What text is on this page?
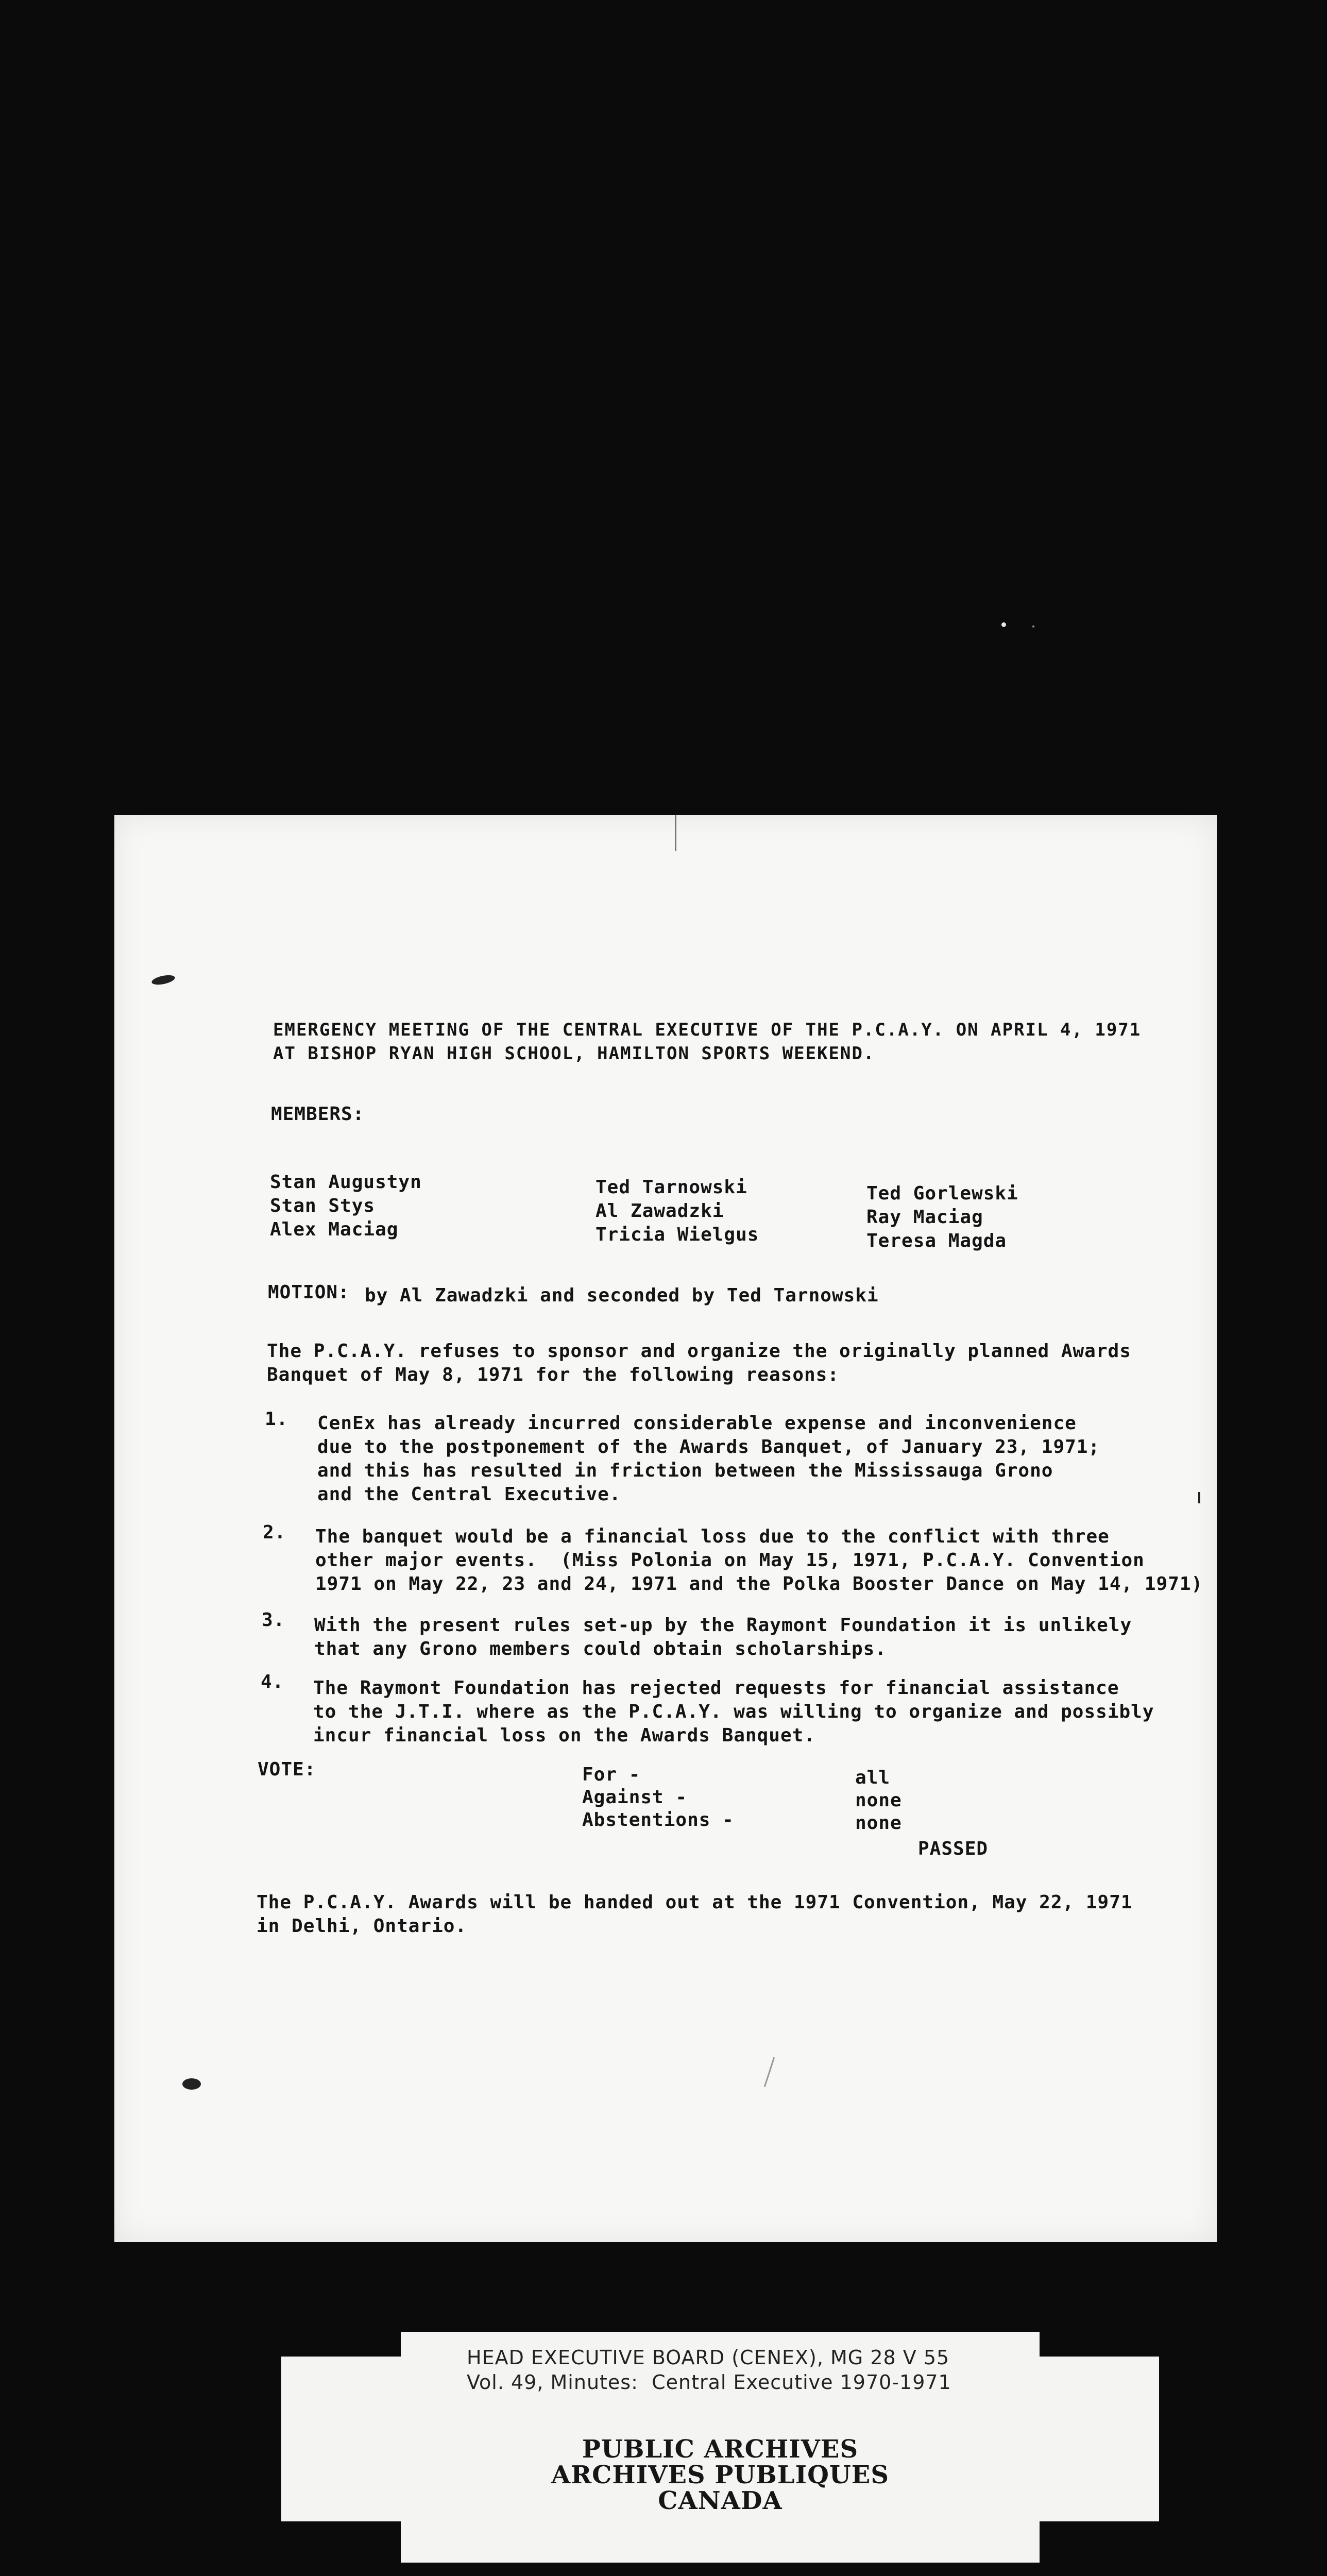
EMERGENCY MEETING OF THE CENTRAL EXECUTIVE OF THE P.C.A.Y. ON APRIL 4, 1971
AT BISHOP RYAN HIGH SCHOOL, HAMILTON SPORTS WEEKEND.
MEMBERS:
Stan Augustyn
Stan Stys
Alex Maciag
Ted Tarnowski
Al Zawadzki
Tricia Wielgus
Ted Gorlewski
Ray Maciag
Teresa Magda
MOTION: by Al Zawadzki and seconded by Ted Tarnowski
The P.C.A.Y. refuses to sponsor and organize the originally planned Awards
Banquet of May 8, 1971 for the following reasons:
1. CenEx has already incurred considerable expense and inconvenience
due to the postponement of the Awards Banquet, of January 23, 1971;
and this has resulted in friction between the Mississauga Grono
and the Central Executive.
2. The banquet would be a financial loss due to the conflict with three
other major events.  (Miss Polonia on May 15, 1971, P.C.A.Y. Convention
1971 on May 22, 23 and 24, 1971 and the Polka Booster Dance on May 14, 1971)
3. With the present rules set-up by the Raymont Foundation it is unlikely
that any Grono members could obtain scholarships.
4. The Raymont Foundation has rejected requests for financial assistance
to the J.T.I. where as the P.C.A.Y. was willing to organize and possibly
incur financial loss on the Awards Banquet.
VOTE:	For -
Against -
Abstentions -
all
none
none
PASSED
The P.C.A.Y. Awards will be handed out at the 1971 Convention, May 22, 1971
in Delhi, Ontario.
HEAD EXECUTIVE BOARD (CENEX), MG 28 V 55
Vol. 49, Minutes:  Central Executive 1970-1971
PUBLIC ARCHIVES
ARCHIVES PUBLIQUES
CANADA
